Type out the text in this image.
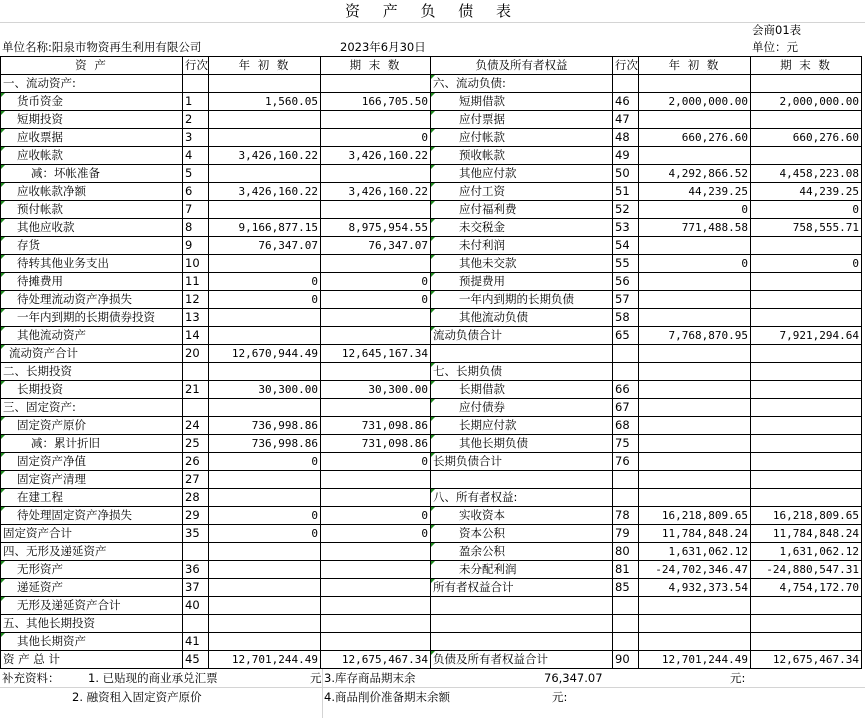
资 产 负 债 表
会商01表
单位名称:阳泉市物资再生利用有限公司	2023年6月30日	单位：元
资 产	行次	年 初 数	期 末 数	负债及所有者权益	行次	年 初 数	期 末 数
一、流动资产:				六、流动负债:			
货币资金	1	1,560.05	166,705.50	短期借款	46	2,000,000.00	2,000,000.00
短期投资	2			应付票据	47		
应收票据	3		0	应付帐款	48	660,276.60	660,276.60
应收帐款	4	3,426,160.22	3,426,160.22	预收帐款	49		
减：坏帐准备	5			其他应付款	50	4,292,866.52	4,458,223.08
应收帐款净额	6	3,426,160.22	3,426,160.22	应付工资	51	44,239.25	44,239.25
预付帐款	7			应付福利费	52	0	0
其他应收款	8	9,166,877.15	8,975,954.55	未交税金	53	771,488.58	758,555.71
存货	9	76,347.07	76,347.07	未付利润	54		
待转其他业务支出	10			其他未交款	55	0	0
待摊费用	11	0	0	预提费用	56		
待处理流动资产净损失	12	0	0	一年内到期的长期负债	57		
一年内到期的长期债券投资	13			其他流动负债	58		
其他流动资产	14			流动负债合计	65	7,768,870.95	7,921,294.64
流动资产合计	20	12,670,944.49	12,645,167.34				
二、长期投资				七、长期负债			
长期投资	21	30,300.00	30,300.00	长期借款	66		
三、固定资产:				应付债券	67		
固定资产原价	24	736,998.86	731,098.86	长期应付款	68		
减：累计折旧	25	736,998.86	731,098.86	其他长期负债	75		
固定资产净值	26	0	0	长期负债合计	76		
固定资产清理	27						
在建工程	28			八、所有者权益:			
待处理固定资产净损失	29	0	0	实收资本	78	16,218,809.65	16,218,809.65
固定资产合计	35	0	0	资本公积	79	11,784,848.24	11,784,848.24
四、无形及递延资产				盈余公积	80	1,631,062.12	1,631,062.12
无形资产	36			未分配利润	81	-24,702,346.47	-24,880,547.31
递延资产	37			所有者权益合计	85	4,932,373.54	4,754,172.70
无形及递延资产合计	40						
五、其他长期投资							
其他长期资产	41						
资 产 总 计	45	12,701,244.49	12,675,467.34	负债及所有者权益合计	90	12,701,244.49	12,675,467.34
补充资料： 1. 已贴现的商业承兑汇票	元 3.库存商品期末余	76,347.07	元:
2. 融资租入固定资产原价	4.商品削价准备期末余额	元:
